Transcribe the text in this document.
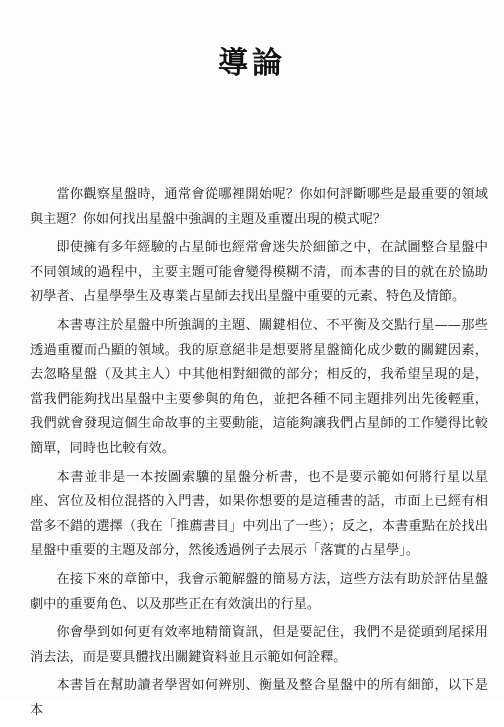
導論

當你觀察星盤時，通常會從哪裡開始呢？你如何評斷哪些是最重要的領域與主題？你如何找出星盤中強調的主題及重覆出現的模式呢？

即使擁有多年經驗的占星師也經常會迷失於細節之中，在試圖整合星盤中不同領域的過程中，主要主題可能會變得模糊不清，而本書的目的就在於協助初學者、占星學學生及專業占星師去找出星盤中重要的元素、特色及情節。

本書專注於星盤中所強調的主題、關鍵相位、不平衡及交點行星——那些透過重覆而凸顯的領域。我的原意絕非是想要將星盤簡化成少數的關鍵因素，去忽略星盤（及其主人）中其他相對細微的部分；相反的，我希望呈現的是，當我們能夠找出星盤中主要參與的角色，並把各種不同主題排列出先後輕重，我們就會發現這個生命故事的主要動能，這能夠讓我們占星師的工作變得比較簡單，同時也比較有效。

本書並非是一本按圖索驥的星盤分析書，也不是要示範如何將行星以星座、宮位及相位混搭的入門書，如果你想要的是這種書的話，市面上已經有相當多不錯的選擇（我在「推薦書目」中列出了一些）；反之，本書重點在於找出星盤中重要的主題及部分，然後透過例子去展示「落實的占星學」。

在接下來的章節中，我會示範解盤的簡易方法，這些方法有助於評估星盤劇中的重要角色、以及那些正在有效演出的行星。

你會學到如何更有效率地精簡資訊，但是要記住，我們不是從頭到尾採用消去法，而是要具體找出關鍵資料並且示範如何詮釋。

本書旨在幫助讀者學習如何辨別、衡量及整合星盤中的所有細節，以下是本
